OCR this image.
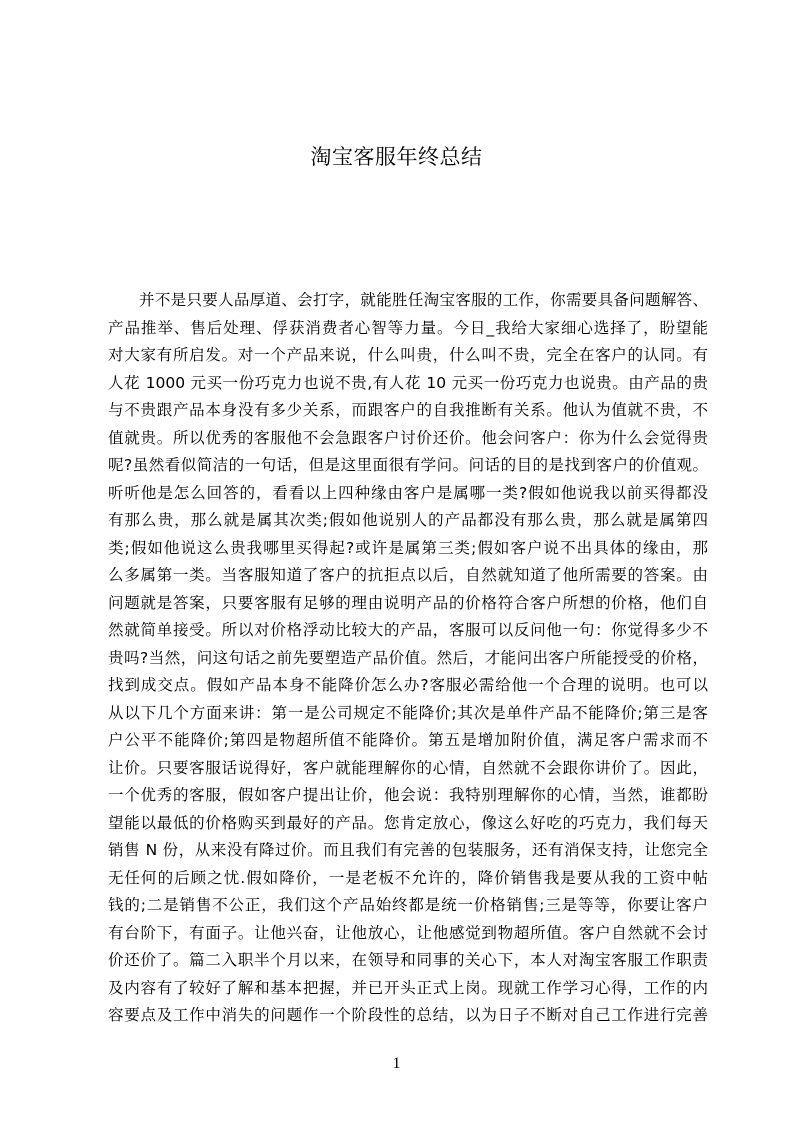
淘宝客服年终总结
并不是只要人品厚道、会打字，就能胜任淘宝客服的工作，你需要具备问题解答、
产品推举、售后处理、俘获消费者心智等力量。今日_我给大家细心选择了，盼望能
对大家有所启发。对一个产品来说，什么叫贵，什么叫不贵，完全在客户的认同。有
人花 1000 元买一份巧克力也说不贵,有人花 10 元买一份巧克力也说贵。由产品的贵
与不贵跟产品本身没有多少关系，而跟客户的自我推断有关系。他认为值就不贵，不
值就贵。所以优秀的客服他不会急跟客户讨价还价。他会问客户：你为什么会觉得贵
呢?虽然看似简洁的一句话，但是这里面很有学问。问话的目的是找到客户的价值观。
听听他是怎么回答的，看看以上四种缘由客户是属哪一类?假如他说我以前买得都没
有那么贵，那么就是属其次类;假如他说别人的产品都没有那么贵，那么就是属第四
类;假如他说这么贵我哪里买得起?或许是属第三类;假如客户说不出具体的缘由，那
么多属第一类。当客服知道了客户的抗拒点以后，自然就知道了他所需要的答案。由
问题就是答案，只要客服有足够的理由说明产品的价格符合客户所想的价格，他们自
然就简单接受。所以对价格浮动比较大的产品，客服可以反问他一句：你觉得多少不
贵吗?当然，问这句话之前先要塑造产品价值。然后，才能问出客户所能授受的价格，
找到成交点。假如产品本身不能降价怎么办?客服必需给他一个合理的说明。也可以
从以下几个方面来讲：第一是公司规定不能降价;其次是单件产品不能降价;第三是客
户公平不能降价;第四是物超所值不能降价。第五是增加附价值，满足客户需求而不
让价。只要客服话说得好，客户就能理解你的心情，自然就不会跟你讲价了。因此，
一个优秀的客服，假如客户提出让价，他会说：我特别理解你的心情，当然，谁都盼
望能以最低的价格购买到最好的产品。您肯定放心，像这么好吃的巧克力，我们每天
销售 N 份，从来没有降过价。而且我们有完善的包装服务，还有消保支持，让您完全
无任何的后顾之忧.假如降价，一是老板不允许的，降价销售我是要从我的工资中帖
钱的;二是销售不公正，我们这个产品始终都是统一价格销售;三是等等，你要让客户
有台阶下，有面子。让他兴奋，让他放心，让他感觉到物超所值。客户自然就不会讨
价还价了。篇二入职半个月以来，在领导和同事的关心下，本人对淘宝客服工作职责
及内容有了较好了解和基本把握，并已开头正式上岗。现就工作学习心得，工作的内
容要点及工作中消失的问题作一个阶段性的总结，以为日子不断对自己工作进行完善
1
